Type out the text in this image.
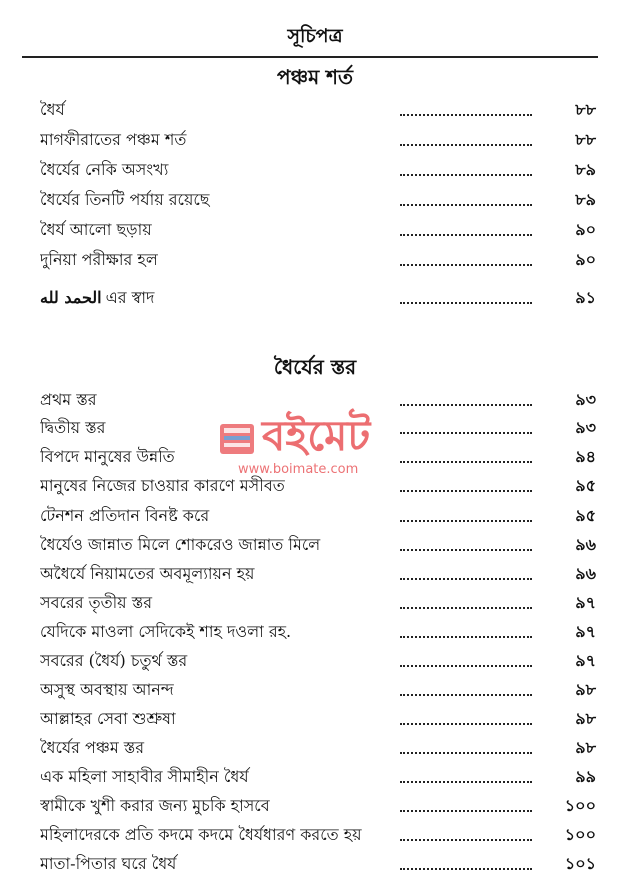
সূচিপত্র
পঞ্চম শর্ত
ধৈর্য	৮৮
মাগফীরাতের পঞ্চম শর্ত	৮৮
ধৈর্যের নেকি অসংখ্য	৮৯
ধৈর্যের তিনটি পর্যায় রয়েছে	৮৯
ধৈর্য আলো ছড়ায়	৯০
দুনিয়া পরীক্ষার হল	৯০
الحمد لله এর স্বাদ	৯১
ধৈর্যের স্তর
প্রথম স্তর	৯৩
দ্বিতীয় স্তর	৯৩
বিপদে মানুষের উন্নতি	৯৪
মানুষের নিজের চাওয়ার কারণে মসীবত	৯৫
টেনশন প্রতিদান বিনষ্ট করে	৯৫
ধৈর্যেও জান্নাত মিলে শোকরেও জান্নাত মিলে	৯৬
অধৈর্যে নিয়ামতের অবমূল্যায়ন হয়	৯৬
সবরের তৃতীয় স্তর	৯৭
যেদিকে মাওলা সেদিকেই শাহ দওলা রহ.	৯৭
সবরের (ধৈর্য) চতুর্থ স্তর	৯৭
অসুস্থ অবস্থায় আনন্দ	৯৮
আল্লাহর সেবা শুশ্রুষা	৯৮
ধৈর্যের পঞ্চম স্তর	৯৮
এক মহিলা সাহাবীর সীমাহীন ধৈর্য	৯৯
স্বামীকে খুশী করার জন্য মুচকি হাসবে	১০০
মহিলাদেরকে প্রতি কদমে কদমে ধৈর্যধারণ করতে হয়	১০০
মাতা-পিতার ঘরে ধৈর্য	১০১
বইমেট
www.boimate.com
